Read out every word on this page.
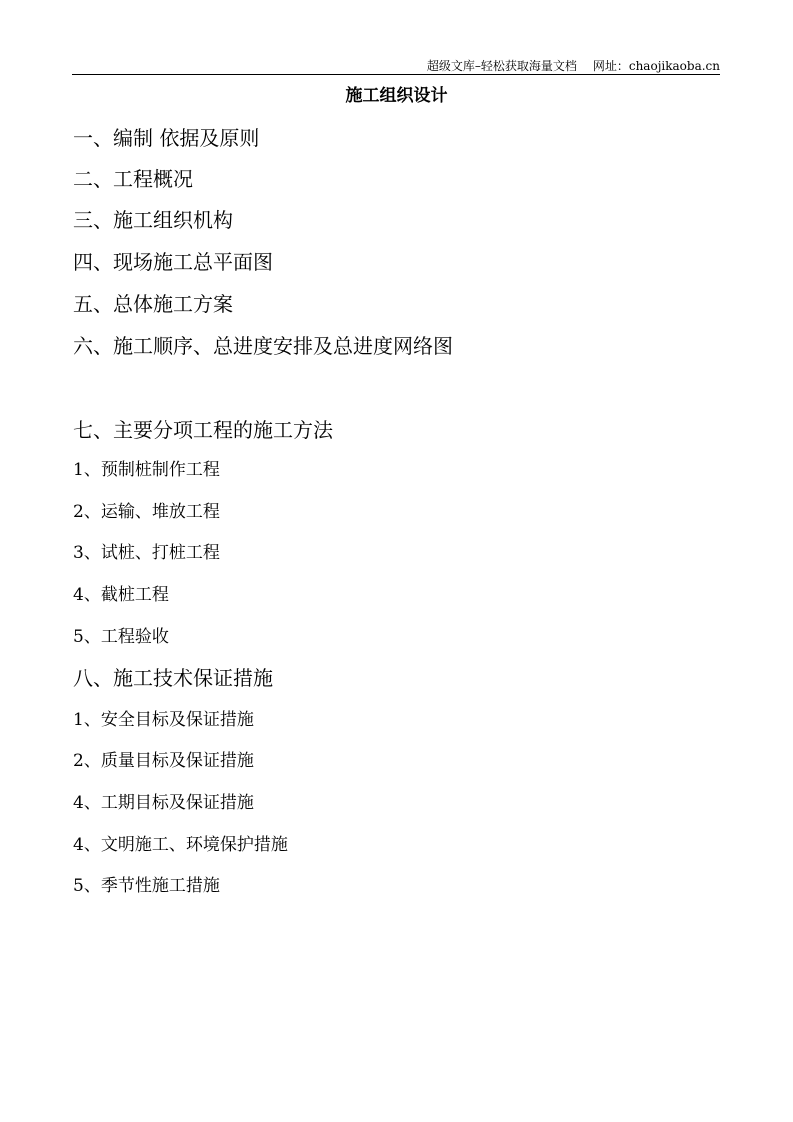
超级文库–轻松获取海量文档 网址：chaojikaoba.cn
施工组织设计
一、编制 依据及原则
二、工程概况
三、施工组织机构
四、现场施工总平面图
五、总体施工方案
六、施工顺序、总进度安排及总进度网络图
七、主要分项工程的施工方法
1、预制桩制作工程
2、运输、堆放工程
3、试桩、打桩工程
4、截桩工程
5、工程验收
八、施工技术保证措施
1、安全目标及保证措施
2、质量目标及保证措施
4、工期目标及保证措施
4、文明施工、环境保护措施
5、季节性施工措施
